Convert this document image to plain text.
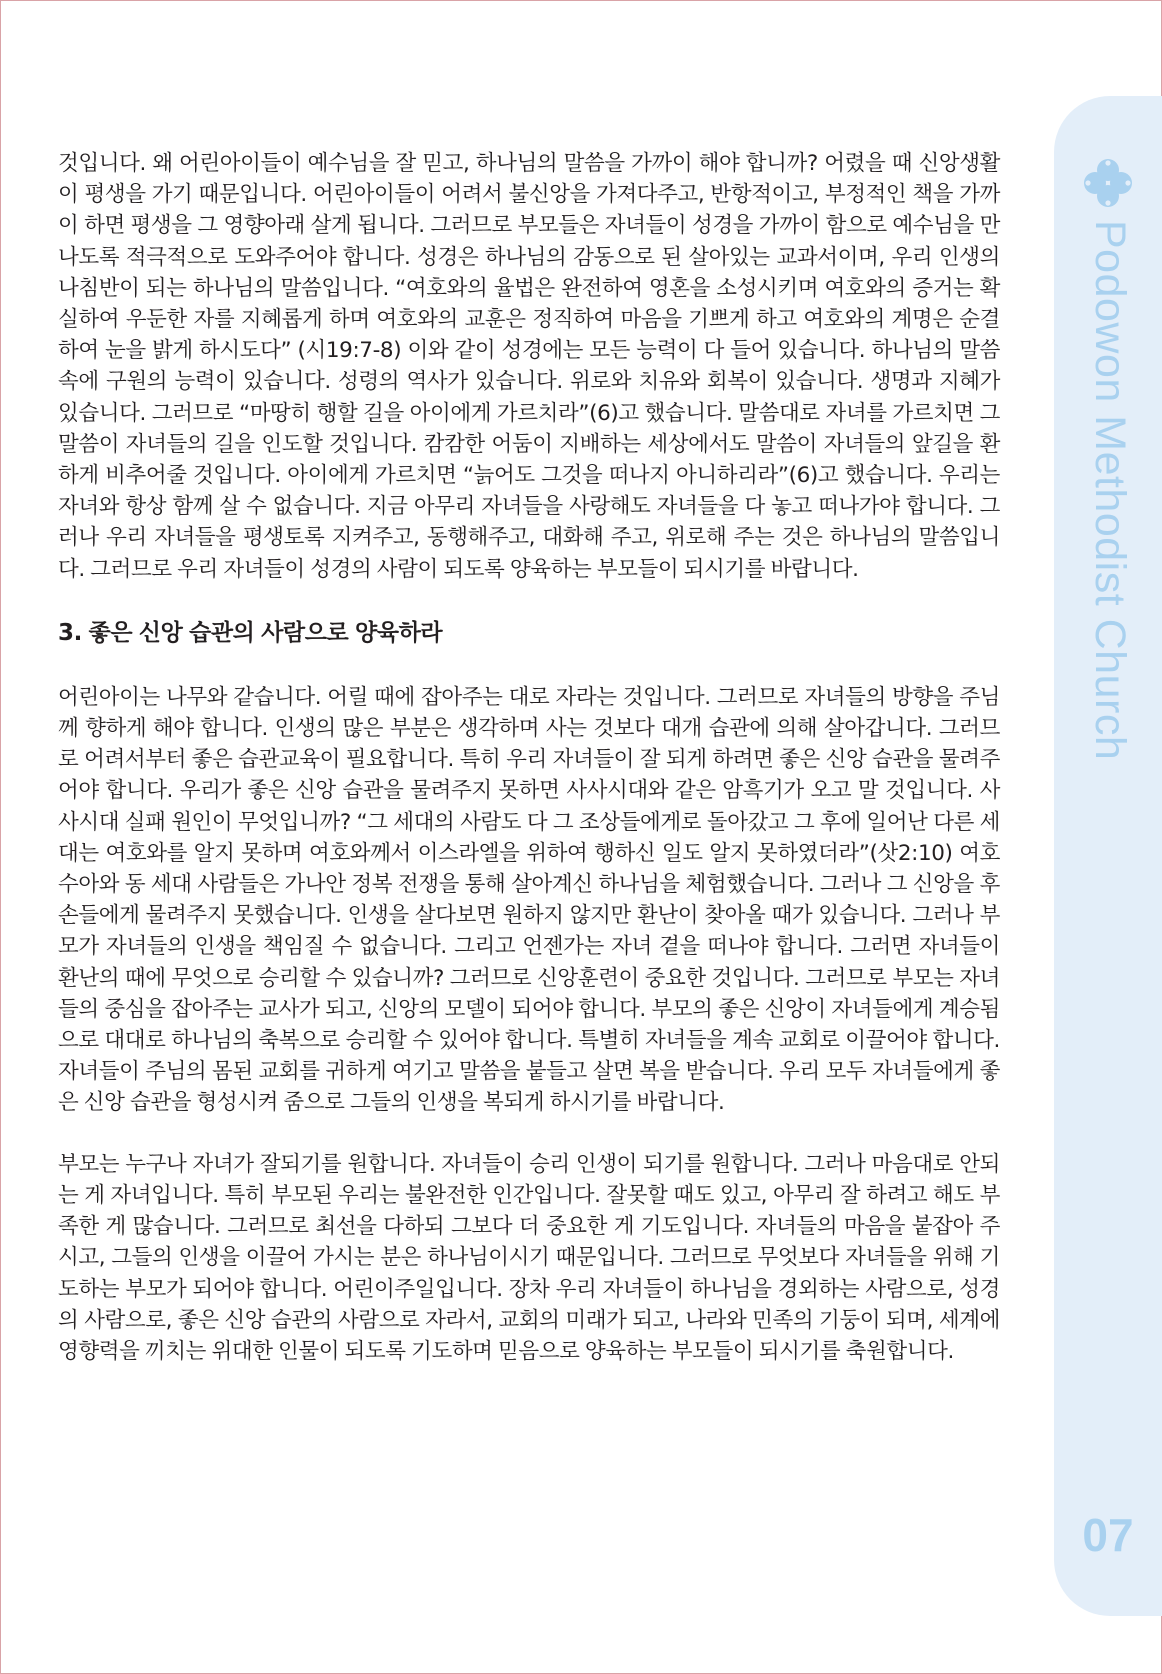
것입니다. 왜 어린아이들이 예수님을 잘 믿고, 하나님의 말씀을 가까이 해야 합니까? 어렸을 때 신앙생활이 평생을 가기 때문입니다. 어린아이들이 어려서 불신앙을 가져다주고, 반항적이고, 부정적인 책을 가까이 하면 평생을 그 영향아래 살게 됩니다. 그러므로 부모들은 자녀들이 성경을 가까이 함으로 예수님을 만나도록 적극적으로 도와주어야 합니다. 성경은 하나님의 감동으로 된 살아있는 교과서이며, 우리 인생의 나침반이 되는 하나님의 말씀입니다. “여호와의 율법은 완전하여 영혼을 소성시키며 여호와의 증거는 확실하여 우둔한 자를 지혜롭게 하며 여호와의 교훈은 정직하여 마음을 기쁘게 하고 여호와의 계명은 순결하여 눈을 밝게 하시도다” (시19:7-8) 이와 같이 성경에는 모든 능력이 다 들어 있습니다. 하나님의 말씀 속에 구원의 능력이 있습니다. 성령의 역사가 있습니다. 위로와 치유와 회복이 있습니다. 생명과 지혜가 있습니다. 그러므로 “마땅히 행할 길을 아이에게 가르치라”(6)고 했습니다. 말씀대로 자녀를 가르치면 그 말씀이 자녀들의 길을 인도할 것입니다. 캄캄한 어둠이 지배하는 세상에서도 말씀이 자녀들의 앞길을 환하게 비추어줄 것입니다. 아이에게 가르치면 “늙어도 그것을 떠나지 아니하리라”(6)고 했습니다. 우리는 자녀와 항상 함께 살 수 없습니다. 지금 아무리 자녀들을 사랑해도 자녀들을 다 놓고 떠나가야 합니다. 그러나 우리 자녀들을 평생토록 지켜주고, 동행해주고, 대화해 주고, 위로해 주는 것은 하나님의 말씀입니다. 그러므로 우리 자녀들이 성경의 사람이 되도록 양육하는 부모들이 되시기를 바랍니다.

3. 좋은 신앙 습관의 사람으로 양육하라

어린아이는 나무와 같습니다. 어릴 때에 잡아주는 대로 자라는 것입니다. 그러므로 자녀들의 방향을 주님께 향하게 해야 합니다. 인생의 많은 부분은 생각하며 사는 것보다 대개 습관에 의해 살아갑니다. 그러므로 어려서부터 좋은 습관교육이 필요합니다. 특히 우리 자녀들이 잘 되게 하려면 좋은 신앙 습관을 물려주어야 합니다. 우리가 좋은 신앙 습관을 물려주지 못하면 사사시대와 같은 암흑기가 오고 말 것입니다. 사사시대 실패 원인이 무엇입니까? “그 세대의 사람도 다 그 조상들에게로 돌아갔고 그 후에 일어난 다른 세대는 여호와를 알지 못하며 여호와께서 이스라엘을 위하여 행하신 일도 알지 못하였더라”(삿2:10) 여호수아와 동 세대 사람들은 가나안 정복 전쟁을 통해 살아계신 하나님을 체험했습니다. 그러나 그 신앙을 후손들에게 물려주지 못했습니다. 인생을 살다보면 원하지 않지만 환난이 찾아올 때가 있습니다. 그러나 부모가 자녀들의 인생을 책임질 수 없습니다. 그리고 언젠가는 자녀 곁을 떠나야 합니다. 그러면 자녀들이 환난의 때에 무엇으로 승리할 수 있습니까? 그러므로 신앙훈련이 중요한 것입니다. 그러므로 부모는 자녀들의 중심을 잡아주는 교사가 되고, 신앙의 모델이 되어야 합니다. 부모의 좋은 신앙이 자녀들에게 계승됨으로 대대로 하나님의 축복으로 승리할 수 있어야 합니다. 특별히 자녀들을 계속 교회로 이끌어야 합니다. 자녀들이 주님의 몸된 교회를 귀하게 여기고 말씀을 붙들고 살면 복을 받습니다. 우리 모두 자녀들에게 좋은 신앙 습관을 형성시켜 줌으로 그들의 인생을 복되게 하시기를 바랍니다.

부모는 누구나 자녀가 잘되기를 원합니다. 자녀들이 승리 인생이 되기를 원합니다. 그러나 마음대로 안되는 게 자녀입니다. 특히 부모된 우리는 불완전한 인간입니다. 잘못할 때도 있고, 아무리 잘 하려고 해도 부족한 게 많습니다. 그러므로 최선을 다하되 그보다 더 중요한 게 기도입니다. 자녀들의 마음을 붙잡아 주시고, 그들의 인생을 이끌어 가시는 분은 하나님이시기 때문입니다. 그러므로 무엇보다 자녀들을 위해 기도하는 부모가 되어야 합니다. 어린이주일입니다. 장차 우리 자녀들이 하나님을 경외하는 사람으로, 성경의 사람으로, 좋은 신앙 습관의 사람으로 자라서, 교회의 미래가 되고, 나라와 민족의 기둥이 되며, 세계에 영향력을 끼치는 위대한 인물이 되도록 기도하며 믿음으로 양육하는 부모들이 되시기를 축원합니다.

Podowon Methodist Church
07
